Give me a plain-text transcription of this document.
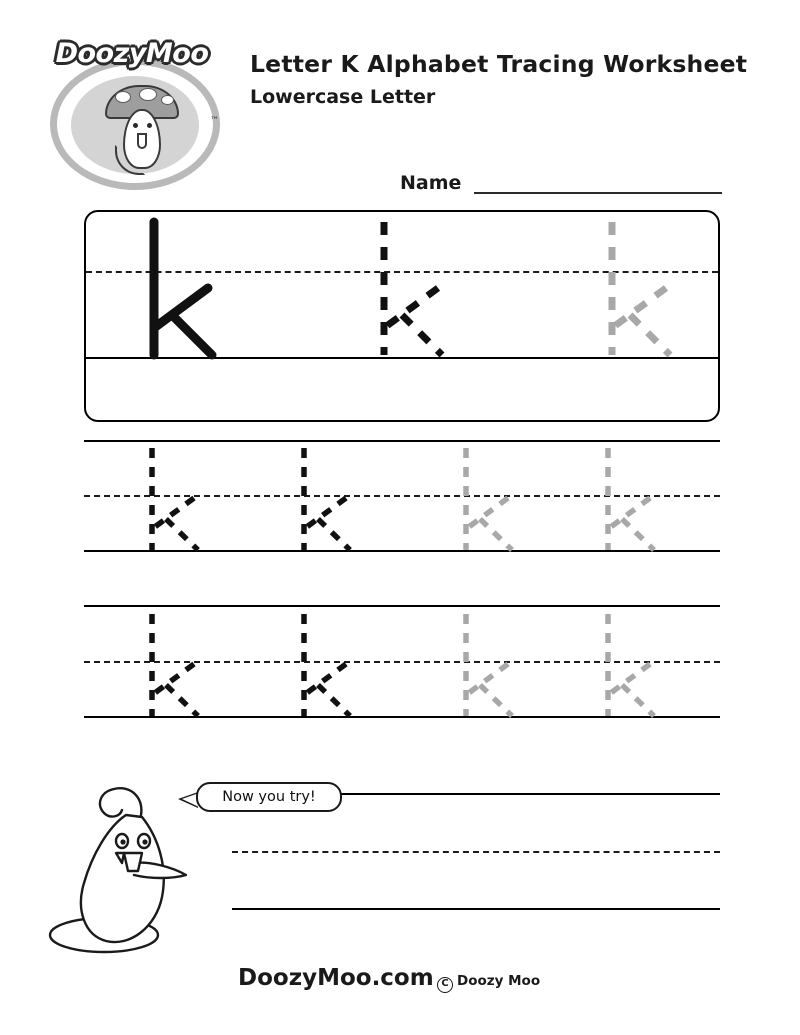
DoozyMoo
™
Letter K Alphabet Tracing Worksheet
Lowercase Letter
Name
Now you try!
DoozyMoo.com C Doozy Moo
